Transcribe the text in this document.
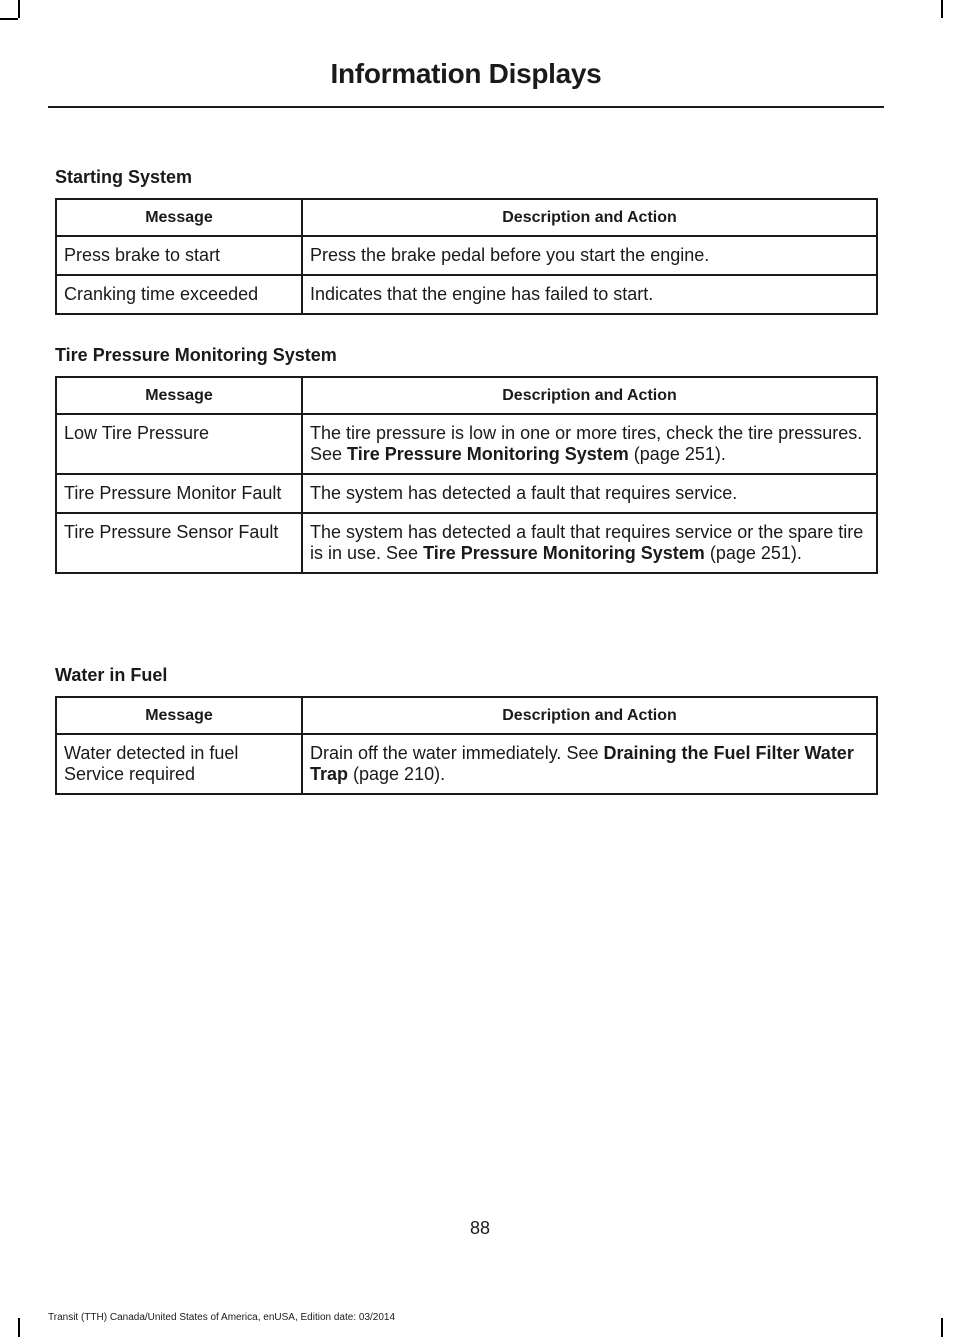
Information Displays
Starting System
Message	Description and Action
Press brake to start	Press the brake pedal before you start the engine.
Cranking time exceeded	Indicates that the engine has failed to start.
Tire Pressure Monitoring System
Message	Description and Action
Low Tire Pressure	The tire pressure is low in one or more tires, check the tire pressures. See Tire Pressure Monitoring System (page 251).
Tire Pressure Monitor Fault	The system has detected a fault that requires service.
Tire Pressure Sensor Fault	The system has detected a fault that requires service or the spare tire is in use. See Tire Pressure Monitoring System (page 251).
Water in Fuel
Message	Description and Action

Water detected in fuel
Service required	Drain off the water immediately. See Draining the Fuel Filter Water Trap (page 210).
88
Transit (TTH) Canada/United States of America, enUSA, Edition date: 03/2014
